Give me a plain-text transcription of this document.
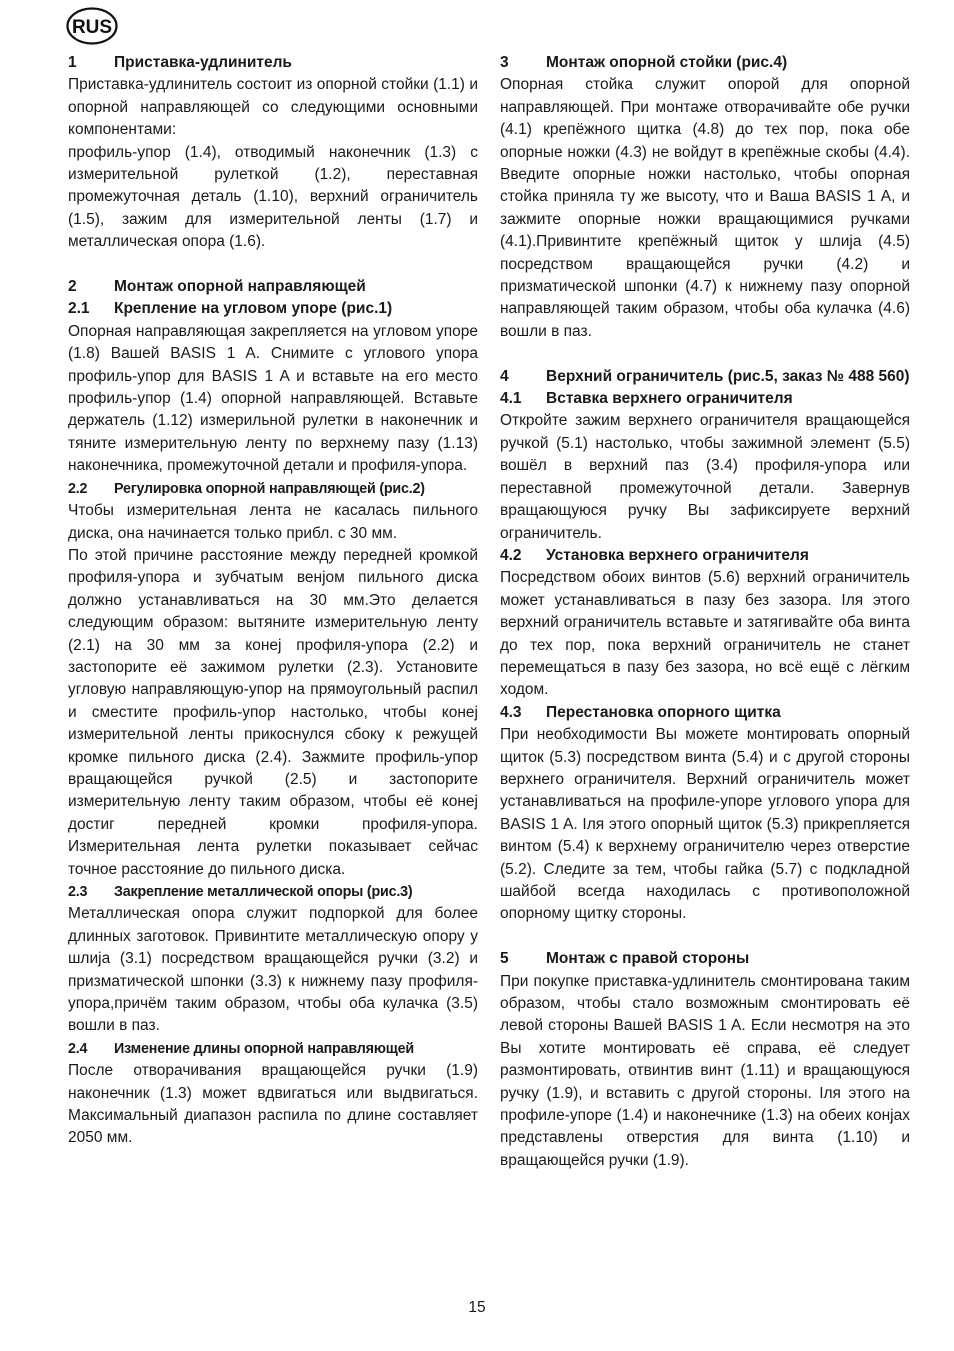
RUS
1	Приставка-удлинитель

Приставка-удлинитель состоит из опорной стойки (1.1) и опорной направляющей со следующими основными компонентами:

профиль-упор (1.4), отводимый наконечник (1.3) с измерительной рулеткой (1.2), переставная промежуточная деталь (1.10), верхний ограничитель (1.5), зажим для измерительной ленты (1.7) и металлическая опора (1.6).

2	Монтаж опорной направляющей
2.1	Крепление на угловом упоре (рис.1)

Опорная направляющая закрепляется на угловом упоре (1.8) Вашей BASIS 1 A. Снимите с углового упора профиль-упор для BASIS 1 A и вставьте на его место профиль-упор (1.4) опорной направляющей. Вставьте держатель (1.12) измерильной рулетки в наконечник и тяните измерительную ленту по верхнему пазу (1.13) наконечника, промежуточной детали и профиля-упора.

2.2	Регулировка опорной направляющей (рис.2)

Чтобы измерительная лента не касалась пильного диска, она начинается только прибл. с 30 мм.

По этой причине расстояние между передней кромкой профиля-упора и зубчатым венјом пильного диска должно устанавливаться на 30 мм.Это делается следующим образом: вытяните измерительную ленту (2.1) на 30 мм за конеј профиля-упора (2.2) и застопорите её зажимом рулетки (2.3). Установите угловую направляющую-упор на прямоугольный распил и сместите профиль-упор настолько, чтобы конеј измерительной ленты прикоснулся сбоку к режущей кромке пильного диска (2.4). Зажмите профиль-упор вращающейся ручкой (2.5) и застопорите измерительную ленту таким образом, чтобы её конеј достиг передней кромки профиля-упора. Измерительная лента рулетки показывает сейчас точное расстояние до пильного диска.

2.3	Закрепление металлической опоры (рис.3)

Металлическая опора служит подпоркой для более длинных заготовок. Привинтите металлическую опору у шлија (3.1) посредством вращающейся ручки (3.2) и призматической шпонки (3.3) к нижнему пазу профиля-упора,причём таким образом, чтобы оба кулачка (3.5) вошли в паз.

2.4	Изменение длины опорной направляющей

После отворачивания вращающейся ручки (1.9) наконечник (1.3) может вдвигаться или выдвигаться. Максимальный диапазон распила по длине составляет 2050 мм.

3	Монтаж опорной стойки (рис.4)

Опорная стойка служит опорой для опорной направляющей. При монтаже отворачивайте обе ручки (4.1) крепёжного щитка (4.8) до тех пор, пока обе опорные ножки (4.3) не войдут в крепёжные скобы (4.4). Введите опорные ножки настолько, чтобы опорная стойка приняла ту же высоту, что и Ваша BASIS 1 A, и зажмите опорные ножки вращающимися ручками (4.1).Привинтите крепёжный щиток у шлија (4.5) посредством вращающейся ручки (4.2) и призматической шпонки (4.7) к нижнему пазу опорной направляющей таким образом, чтобы оба кулачка (4.6) вошли в паз.

4	Верхний ограничитель (рис.5, заказ № 488 560)
4.1	Вставка верхнего ограничителя

Откройте зажим верхнего ограничителя вращающейся ручкой (5.1) настолько, чтобы зажимной элемент (5.5) вошёл в верхний паз (3.4) профиля-упора или переставной промежуточной детали. Завернув вращающуюся ручку Вы зафиксируете верхний ограничитель.

4.2	Установка верхнего ограничителя

Посредством обоих винтов (5.6) верхний ограничитель может устанавливаться в пазу без зазора. Iля этого верхний ограничитель вставьте и затягивайте оба винта до тех пор, пока верхний ограничитель не станет перемещаться в пазу без зазора, но всё ещё с лёгким ходом.

4.3	Перестановка опорного щитка

При необходимости Вы можете монтировать опорный щиток (5.3) посредством винта (5.4) и с другой стороны верхнего ограничителя. Верхний ограничитель может устанавливаться на профиле-упоре углового упора для BASIS 1 A. Iля этого опорный щиток (5.3) прикрепляется винтом (5.4) к верхнему ограничителю через отверстие (5.2). Следите за тем, чтобы гайка (5.7) с подкладной шайбой всегда находилась с противоположной опорному щитку стороны.

5	Монтаж с правой стороны

При покупке приставка-удлинитель смонтирована таким образом, чтобы стало возможным смонтировать её левой стороны Вашей BASIS 1 A. Если несмотря на это Вы хотите монтировать её справа, её следует размонтировать, отвинтив винт (1.11) и вращающуюся ручку (1.9), и вставить с другой стороны. Iля этого на профиле-упоре (1.4) и наконечнике (1.3) на обеих конјах представлены отверстия для винта (1.10) и вращающейся ручки (1.9).

15
